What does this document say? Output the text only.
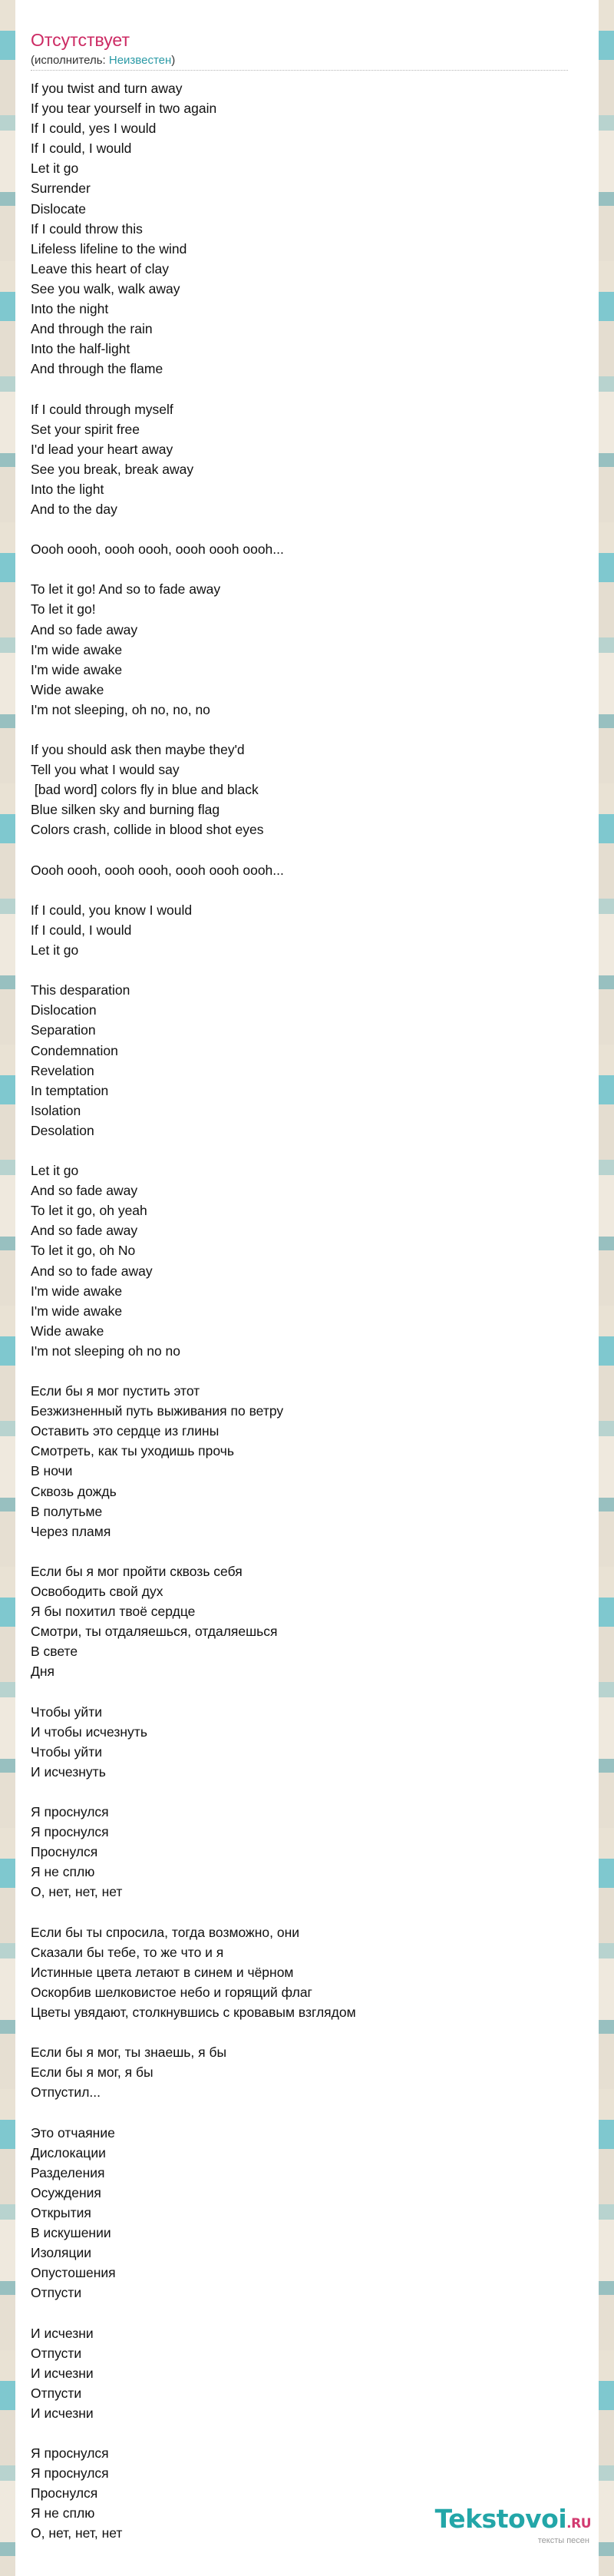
Отсутствует
(исполнитель: Неизвестен)
If you twist and turn away
If you tear yourself in two again
If I could, yes I would
If I could, I would
Let it go
Surrender
Dislocate
If I could throw this
Lifeless lifeline to the wind
Leave this heart of clay
See you walk, walk away
Into the night
And through the rain
Into the half-light
And through the flame

If I could through myself
Set your spirit free
I'd lead your heart away
See you break, break away
Into the light
And to the day

Oooh oooh, oooh oooh, oooh oooh oooh...

To let it go! And so to fade away
To let it go!
And so fade away
I'm wide awake
I'm wide awake
Wide awake
I'm not sleeping, oh no, no, no

If you should ask then maybe they'd
Tell you what I would say
[bad word] colors fly in blue and black
Blue silken sky and burning flag
Colors crash, collide in blood shot eyes

Oooh oooh, oooh oooh, oooh oooh oooh...

If I could, you know I would
If I could, I would
Let it go

This desparation
Dislocation
Separation
Condemnation
Revelation
In temptation
Isolation
Desolation

Let it go
And so fade away
To let it go, oh yeah
And so fade away
To let it go, oh No
And so to fade away
I'm wide awake
I'm wide awake
Wide awake
I'm not sleeping oh no no

Если бы я мог пустить этот
Безжизненный путь выживания по ветру
Оставить это сердце из глины
Смотреть, как ты уходишь прочь
В ночи
Сквозь дождь
В полутьме
Через пламя

Если бы я мог пройти сквозь себя
Освободить свой дух
Я бы похитил твоё сердце
Смотри, ты отдаляешься, отдаляешься
В свете
Дня

Чтобы уйти
И чтобы исчезнуть
Чтобы уйти
И исчезнуть

Я проснулся
Я проснулся
Проснулся
Я не сплю
О, нет, нет, нет

Если бы ты спросила, тогда возможно, они
Сказали бы тебе, то же что и я
Истинные цвета летают в синем и чёрном
Оскорбив шелковистое небо и горящий флаг
Цветы увядают, столкнувшись с кровавым взглядом

Если бы я мог, ты знаешь, я бы
Если бы я мог, я бы
Отпустил...

Это отчаяние
Дислокации
Разделения
Осуждения
Открытия
В искушении
Изоляции
Опустошения
Отпусти

И исчезни
Отпусти
И исчезни
Отпусти
И исчезни

Я проснулся
Я проснулся
Проснулся
Я не сплю
О, нет, нет, нет	Tekstovoi.RU
тексты песен
